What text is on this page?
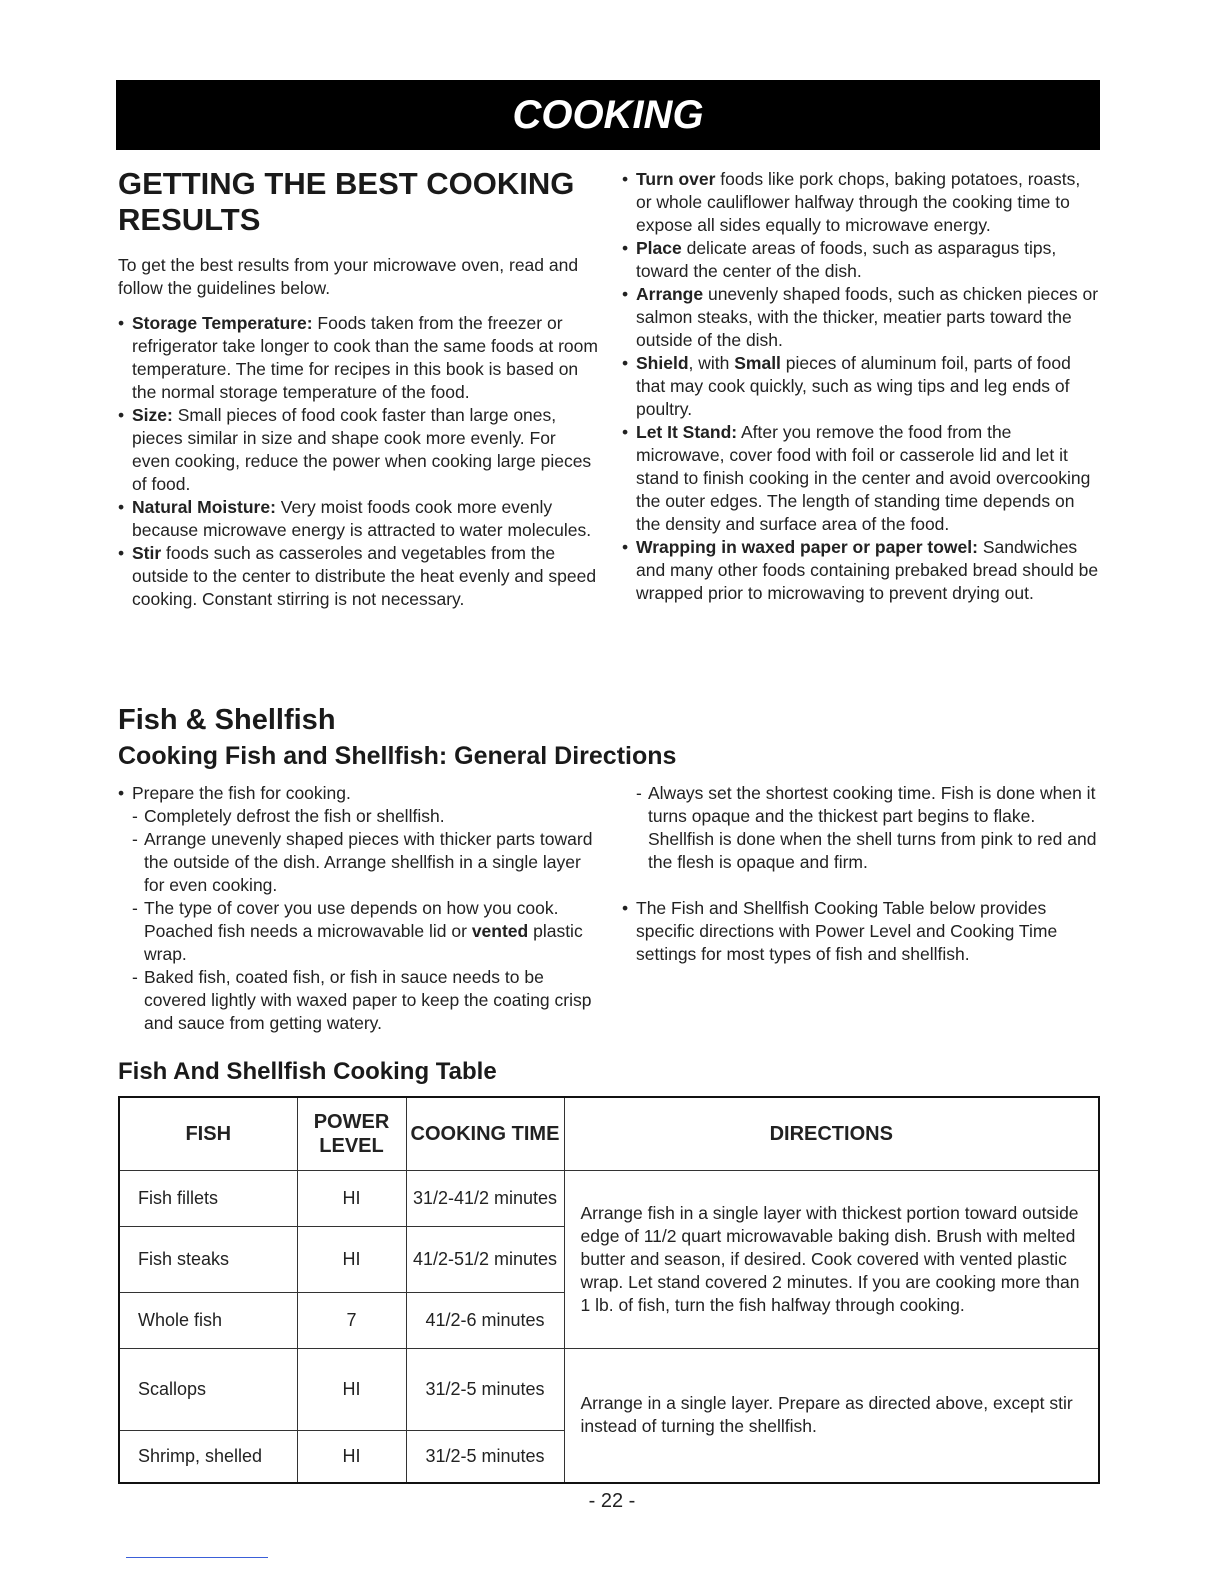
COOKING
GETTING THE BEST COOKING RESULTS
To get the best results from your microwave oven, read and follow the guidelines below.

• Storage Temperature: Foods taken from the freezer or refrigerator take longer to cook than the same foods at room temperature. The time for recipes in this book is based on the normal storage temperature of the food.

• Size: Small pieces of food cook faster than large ones, pieces similar in size and shape cook more evenly. For even cooking, reduce the power when cooking large pieces of food.

• Natural Moisture: Very moist foods cook more evenly because microwave energy is attracted to water molecules.

• Stir foods such as casseroles and vegetables from the outside to the center to distribute the heat evenly and speed cooking. Constant stirring is not necessary.

• Turn over foods like pork chops, baking potatoes, roasts, or whole cauliflower halfway through the cooking time to expose all sides equally to microwave energy.

• Place delicate areas of foods, such as asparagus tips, toward the center of the dish.

• Arrange unevenly shaped foods, such as chicken pieces or salmon steaks, with the thicker, meatier parts toward the outside of the dish.

• Shield, with Small pieces of aluminum foil, parts of food that may cook quickly, such as wing tips and leg ends of poultry.

• Let It Stand: After you remove the food from the microwave, cover food with foil or casserole lid and let it stand to finish cooking in the center and avoid overcooking the outer edges. The length of standing time depends on the density and surface area of the food.

• Wrapping in waxed paper or paper towel: Sandwiches and many other foods containing prebaked bread should be wrapped prior to microwaving to prevent drying out.

Fish & Shellfish
Cooking Fish and Shellfish: General Directions

• Prepare the fish for cooking.

- Completely defrost the fish or shellfish.

- Arrange unevenly shaped pieces with thicker parts toward the outside of the dish. Arrange shellfish in a single layer for even cooking.

- The type of cover you use depends on how you cook. Poached fish needs a microwavable lid or vented plastic wrap.

- Baked fish, coated fish, or fish in sauce needs to be covered lightly with waxed paper to keep the coating crisp and sauce from getting watery.

- Always set the shortest cooking time. Fish is done when it turns opaque and the thickest part begins to flake. Shellfish is done when the shell turns from pink to red and the flesh is opaque and firm.

• The Fish and Shellfish Cooking Table below provides specific directions with Power Level and Cooking Time settings for most types of fish and shellfish.

Fish And Shellfish Cooking Table
FISH	POWER LEVEL	COOKING TIME	DIRECTIONS
Fish fillets	HI	31/2-41/2 minutes	Arrange fish in a single layer with thickest portion toward outside edge of 11/2 quart microwavable baking dish. Brush with melted butter and season, if desired. Cook covered with vented plastic wrap. Let stand covered 2 minutes. If you are cooking more than 1 lb. of fish, turn the fish halfway through cooking.
Fish steaks	HI	41/2-51/2 minutes	
Whole fish	7	41/2-6 minutes	
Scallops	HI	31/2-5 minutes	Arrange in a single layer. Prepare as directed above, except stir instead of turning the shellfish.
Shrimp, shelled	HI	31/2-5 minutes	
- 22 -
